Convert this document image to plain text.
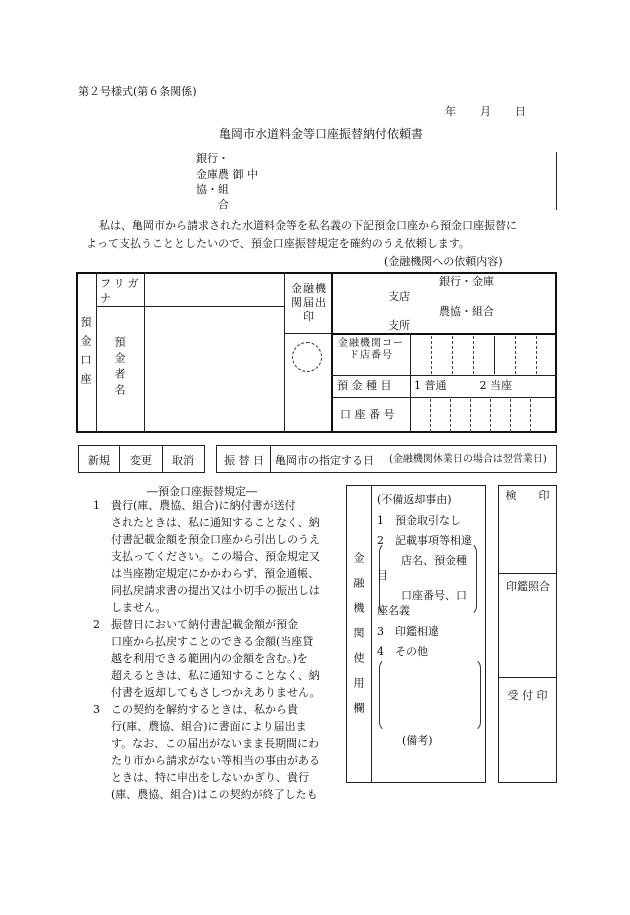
第２号様式(第６条関係)
年 月 日
亀岡市水道料金等口座振替納付依頼書
銀行・
金庫農 御 中
協・組
合
私は、亀岡市から請求された水道料金等を私名義の下記預金口座から預金口座振替に
よって支払うこととしたいので、預金口座振替規定を確約のうえ依頼します。
(金融機関への依頼内容)
預金口座
フリガナ
預金者名
金融機関届出印
銀行・金庫
支店
農協・組合
支所
金融機関コード店番号
預 金 種 目 1 普通　　　2 当座
口 座 番 号
新規 変更 取消	振 替 日 亀岡市の指定する日 (金融機関休業日の場合は翌営業日)
―預金口座振替規定―
1　貴行(庫、農協、組合)に納付書が送付
されたときは、私に通知することなく、納
付書記載金額を預金口座から引出しのうえ
支払ってください。この場合、預金規定又
は当座勘定規定にかかわらず、預金通帳、
同払戻請求書の提出又は小切手の振出しは
しません。
2　振替日において納付書記載金額が預金
口座から払戻すことのできる金額(当座貸
越を利用できる範囲内の金額を含む。)を
超えるときは、私に通知することなく、納
付書を返却してもさしつかえありません。
3　この契約を解約するときは、私から貴
行(庫、農協、組合)に書面により届出ま
す。なお、この届出がないまま長期間にわ
たり市から請求がない等相当の事由がある
ときは、特に申出をしないかぎり、貴行
(庫、農協、組合)はこの契約が終了したも
金融機関使用欄
(不備返却事由)
1　預金取引なし
2　記載事項等相違
店名、預金種
目
口座番号、口
座名義
3　印鑑相違
4　その他
(備考)
検　　印
印鑑照合
受 付 印
